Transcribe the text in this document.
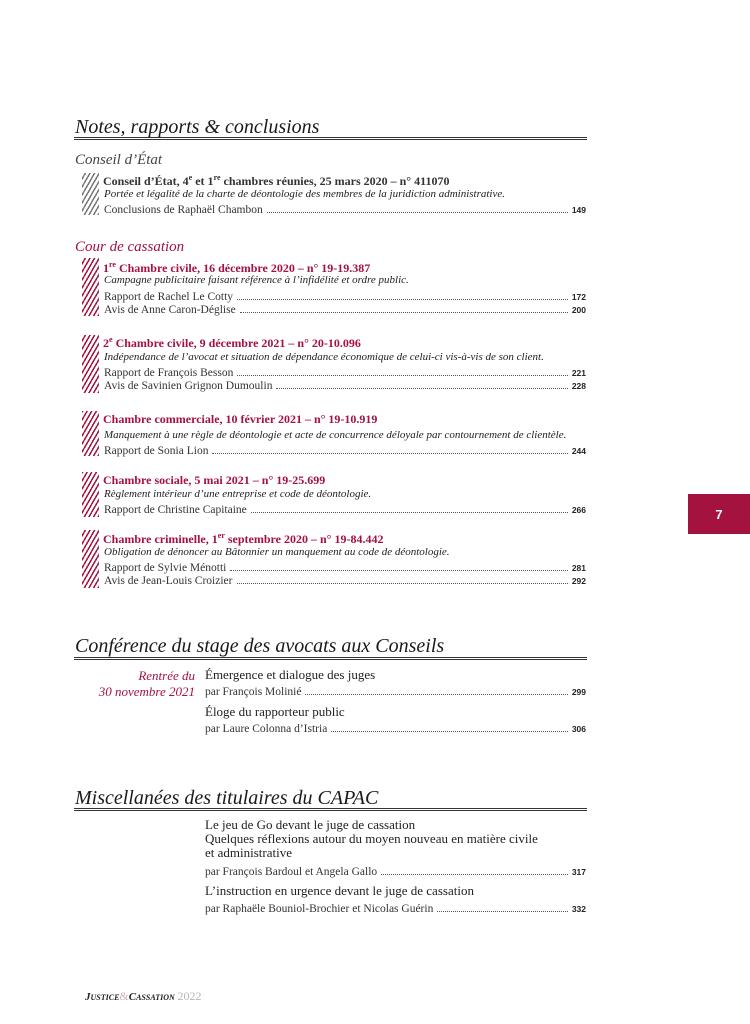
Notes, rapports & conclusions
Conseil d’État
Conseil d’État, 4e et 1re chambres réunies, 25 mars 2020 – n° 411070
Portée et légalité de la charte de déontologie des membres de la juridiction administrative.
Conclusions de Raphaël Chambon	149
Cour de cassation
1re Chambre civile, 16 décembre 2020 – n° 19-19.387
Campagne publicitaire faisant référence à l’infidélité et ordre public.
Rapport de Rachel Le Cotty	172
Avis de Anne Caron-Déglise	200
2e Chambre civile, 9 décembre 2021 – n° 20-10.096
Indépendance de l’avocat et situation de dépendance économique de celui-ci vis-à-vis de son client.
Rapport de François Besson	221
Avis de Savinien Grignon Dumoulin	228
Chambre commerciale, 10 février 2021 – n° 19-10.919
Manquement à une règle de déontologie et acte de concurrence déloyale par contournement de clientèle.
Rapport de Sonia Lion	244
Chambre sociale, 5 mai 2021 – n° 19-25.699
Règlement intérieur d’une entreprise et code de déontologie.
Rapport de Christine Capitaine	266
Chambre criminelle, 1er septembre 2020 – n° 19-84.442
Obligation de dénoncer au Bâtonnier un manquement au code de déontologie.
Rapport de Sylvie Ménotti	281
Avis de Jean-Louis Croizier	292
7
Conférence du stage des avocats aux Conseils
Rentrée du
30 novembre 2021
Émergence et dialogue des juges
par François Molinié	299
Éloge du rapporteur public
par Laure Colonna d’Istria	306
Miscellanées des titulaires du CAPAC
Le jeu de Go devant le juge de cassation
Quelques réflexions autour du moyen nouveau en matière civile
et administrative
par François Bardoul et Angela Gallo	317
L’instruction en urgence devant le juge de cassation
par Raphaële Bouniol-Brochier et Nicolas Guérin	332
Justice&Cassation 2022
